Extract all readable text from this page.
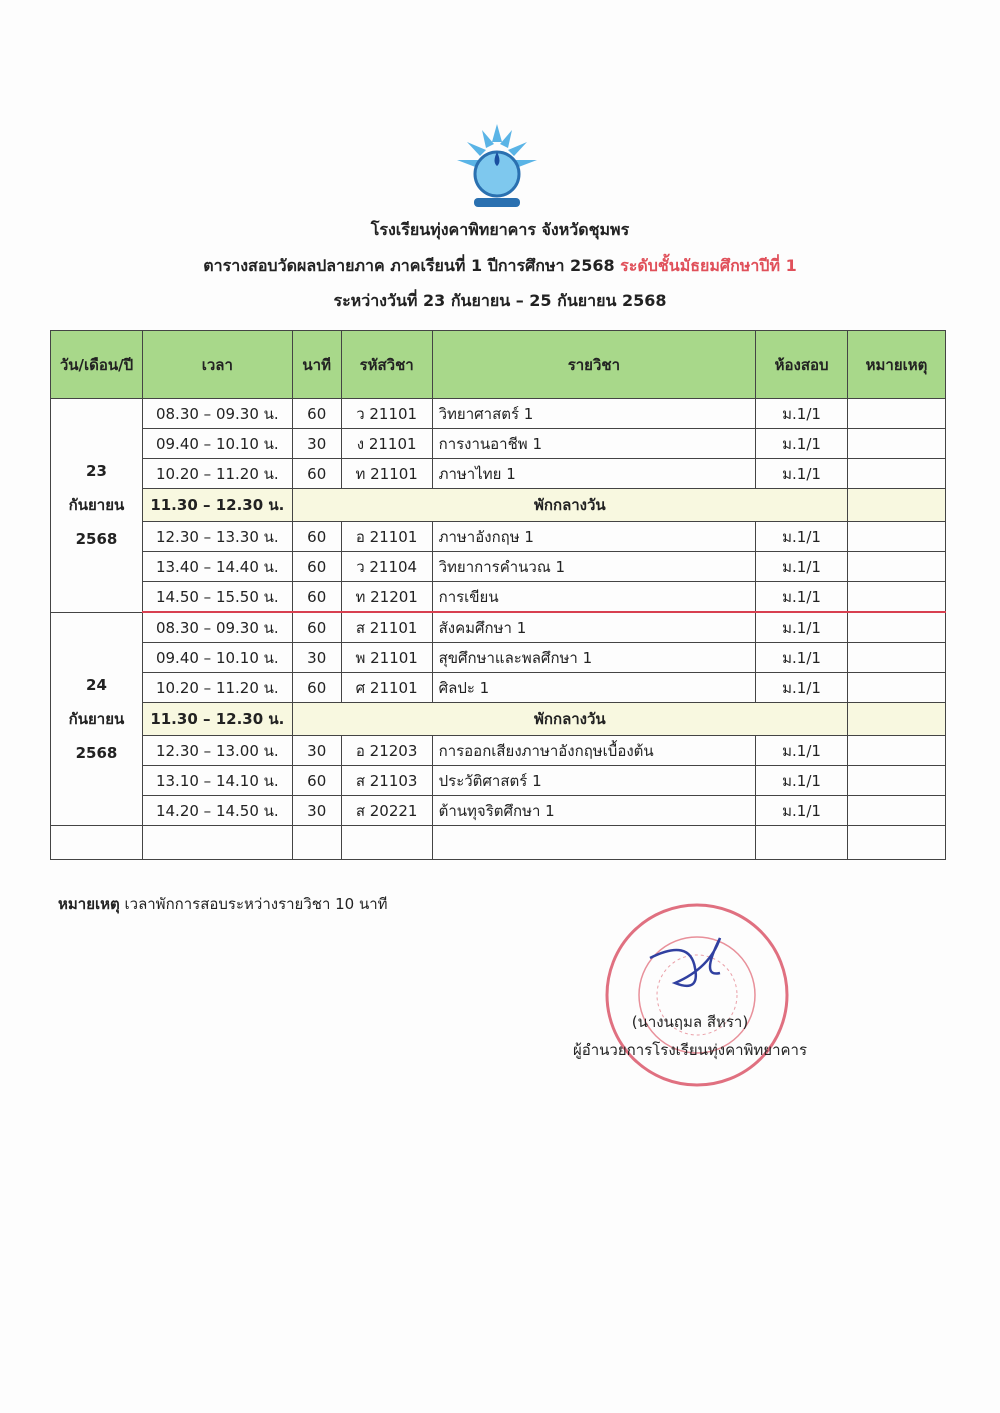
โรงเรียนทุ่งคาพิทยาคาร จังหวัดชุมพร
ตารางสอบวัดผลปลายภาค ภาคเรียนที่ 1 ปีการศึกษา 2568 ระดับชั้นมัธยมศึกษาปีที่ 1
ระหว่างวันที่ 23 กันยายน – 25 กันยายน 2568
วัน/เดือน/ปี	เวลา	นาที	รหัสวิชา	รายวิชา	ห้องสอบ	หมายเหตุ

23
กันยายน
2568	08.30 – 09.30 น.	60	ว 21101	วิทยาศาสตร์ 1	ม.1/1	
	09.40 – 10.10 น.	30	ง 21101	การงานอาชีพ 1	ม.1/1	
	10.20 – 11.20 น.	60	ท 21101	ภาษาไทย 1	ม.1/1	
	11.30 – 12.30 น.	พักกลางวัน				
	12.30 – 13.30 น.	60	อ 21101	ภาษาอังกฤษ 1	ม.1/1	
	13.40 – 14.40 น.	60	ว 21104	วิทยาการคำนวณ 1	ม.1/1	
	14.50 – 15.50 น.	60	ท 21201	การเขียน	ม.1/1	

24
กันยายน
2568	08.30 – 09.30 น.	60	ส 21101	สังคมศึกษา 1	ม.1/1	
	09.40 – 10.10 น.	30	พ 21101	สุขศึกษาและพลศึกษา 1	ม.1/1	
	10.20 – 11.20 น.	60	ศ 21101	ศิลปะ 1	ม.1/1	
	11.30 – 12.30 น.	พักกลางวัน				
	12.30 – 13.00 น.	30	อ 21203	การออกเสียงภาษาอังกฤษเบื้องต้น	ม.1/1	
	13.10 – 14.10 น.	60	ส 21103	ประวัติศาสตร์ 1	ม.1/1	
	14.20 – 14.50 น.	30	ส 20221	ต้านทุจริตศึกษา 1	ม.1/1	

หมายเหตุ เวลาพักการสอบระหว่างรายวิชา 10 นาที
(นางนฤมล สีหรา)
ผู้อำนวยการโรงเรียนทุ่งคาพิทยาคาร
